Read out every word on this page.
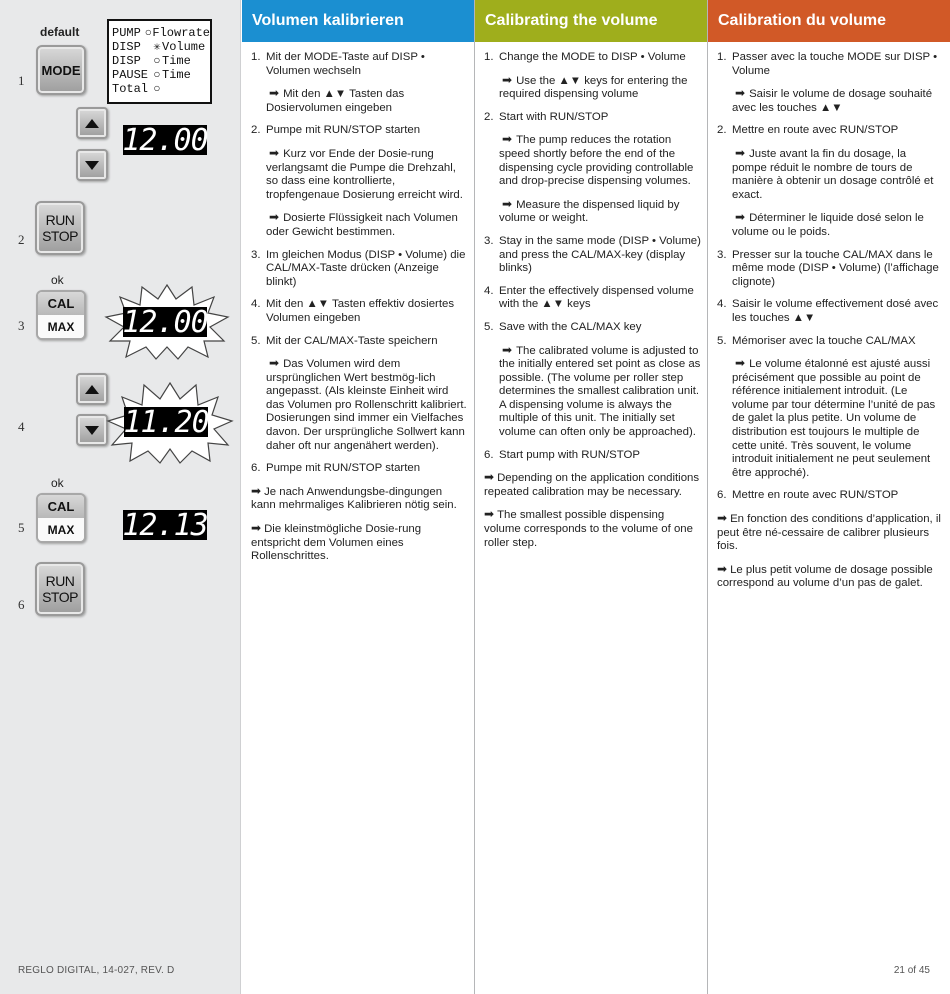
default
1
MODE
PUMP ○ Flowrate
DISP	✳ Volume
DISP	○ Time
PAUSE ○ Time
Total ○
12.00
2
RUN
STOP
ok
3
CAL
MAX	12.00
4	11.20
ok
5
CAL
MAX	12.13
6
RUN
STOP
REGLO DIGITAL, 14-027, REV. D
Volumen kalibrieren
1. Mit der MODE-Taste auf DISP • Volumen wechseln
➡ Mit den ▲▼ Tasten das Dosiervolumen eingeben
2. Pumpe mit RUN/STOP starten
➡ Kurz vor Ende der Dosie-rung verlangsamt die Pumpe die Drehzahl, so dass eine kontrollierte, tropfengenaue Dosierung erreicht wird.
➡ Dosierte Flüssigkeit nach Volumen oder Gewicht bestimmen.
3. Im gleichen Modus (DISP • Volume) die CAL/MAX-Taste drücken (Anzeige blinkt)
4. Mit den ▲▼ Tasten effektiv dosiertes Volumen eingeben
5. Mit der CAL/MAX-Taste speichern
➡ Das Volumen wird dem ursprünglichen Wert bestmög-lich angepasst. (Als kleinste Einheit wird das Volumen pro Rollenschritt kalibriert. Dosierungen sind immer ein Vielfaches davon. Der ursprüngliche Sollwert kann daher oft nur angenähert werden).
6. Pumpe mit RUN/STOP starten
➡ Je nach Anwendungsbe-dingungen kann mehrmaliges Kalibrieren nötig sein.
➡ Die kleinstmögliche Dosie-rung entspricht dem Volumen eines Rollenschrittes.
Calibrating the volume
1. Change the MODE to DISP • Volume
➡ Use the ▲▼ keys for entering the required dispensing volume
2. Start with RUN/STOP
➡ The pump reduces the rotation speed shortly before the end of the dispensing cycle providing controllable and drop-precise dispensing volumes.
➡ Measure the dispensed liquid by volume or weight.
3. Stay in the same mode (DISP • Volume) and press the CAL/MAX-key (display blinks)
4. Enter the effectively dispensed volume with the ▲▼ keys
5. Save with the CAL/MAX key
➡ The calibrated volume is adjusted to the initially entered set point as close as possible. (The volume per roller step determines the smallest calibration unit. A dispensing volume is always the multiple of this unit. The initially set volume can often only be approached).
6. Start pump with RUN/STOP
➡ Depending on the application conditions repeated calibration may be necessary.
➡ The smallest possible dispensing volume corresponds to the volume of one roller step.
Calibration du volume
1. Passer avec la touche MODE sur DISP • Volume
➡ Saisir le volume de dosage souhaité avec les touches ▲▼
2. Mettre en route avec RUN/STOP
➡ Juste avant la fin du dosage, la pompe réduit le nombre de tours de manière à obtenir un dosage contrôlé et exact.
➡ Déterminer le liquide dosé selon le volume ou le poids.
3. Presser sur la touche CAL/MAX dans le même mode (DISP • Volume) (l’affichage clignote)
4. Saisir le volume effectivement dosé avec les touches ▲▼
5. Mémoriser avec la touche CAL/MAX
➡ Le volume étalonné est ajusté aussi précisément que possible au point de référence initialement introduit. (Le volume par tour détermine l’unité de pas de galet la plus petite. Un volume de distribution est toujours le multiple de cette unité. Très souvent, le volume introduit initialement ne peut seulement être approché).
6. Mettre en route avec RUN/STOP
➡ En fonction des conditions d’application, il peut être né-cessaire de calibrer plusieurs fois.
➡ Le plus petit volume de dosage possible correspond au volume d’un pas de galet.
21 of 45
